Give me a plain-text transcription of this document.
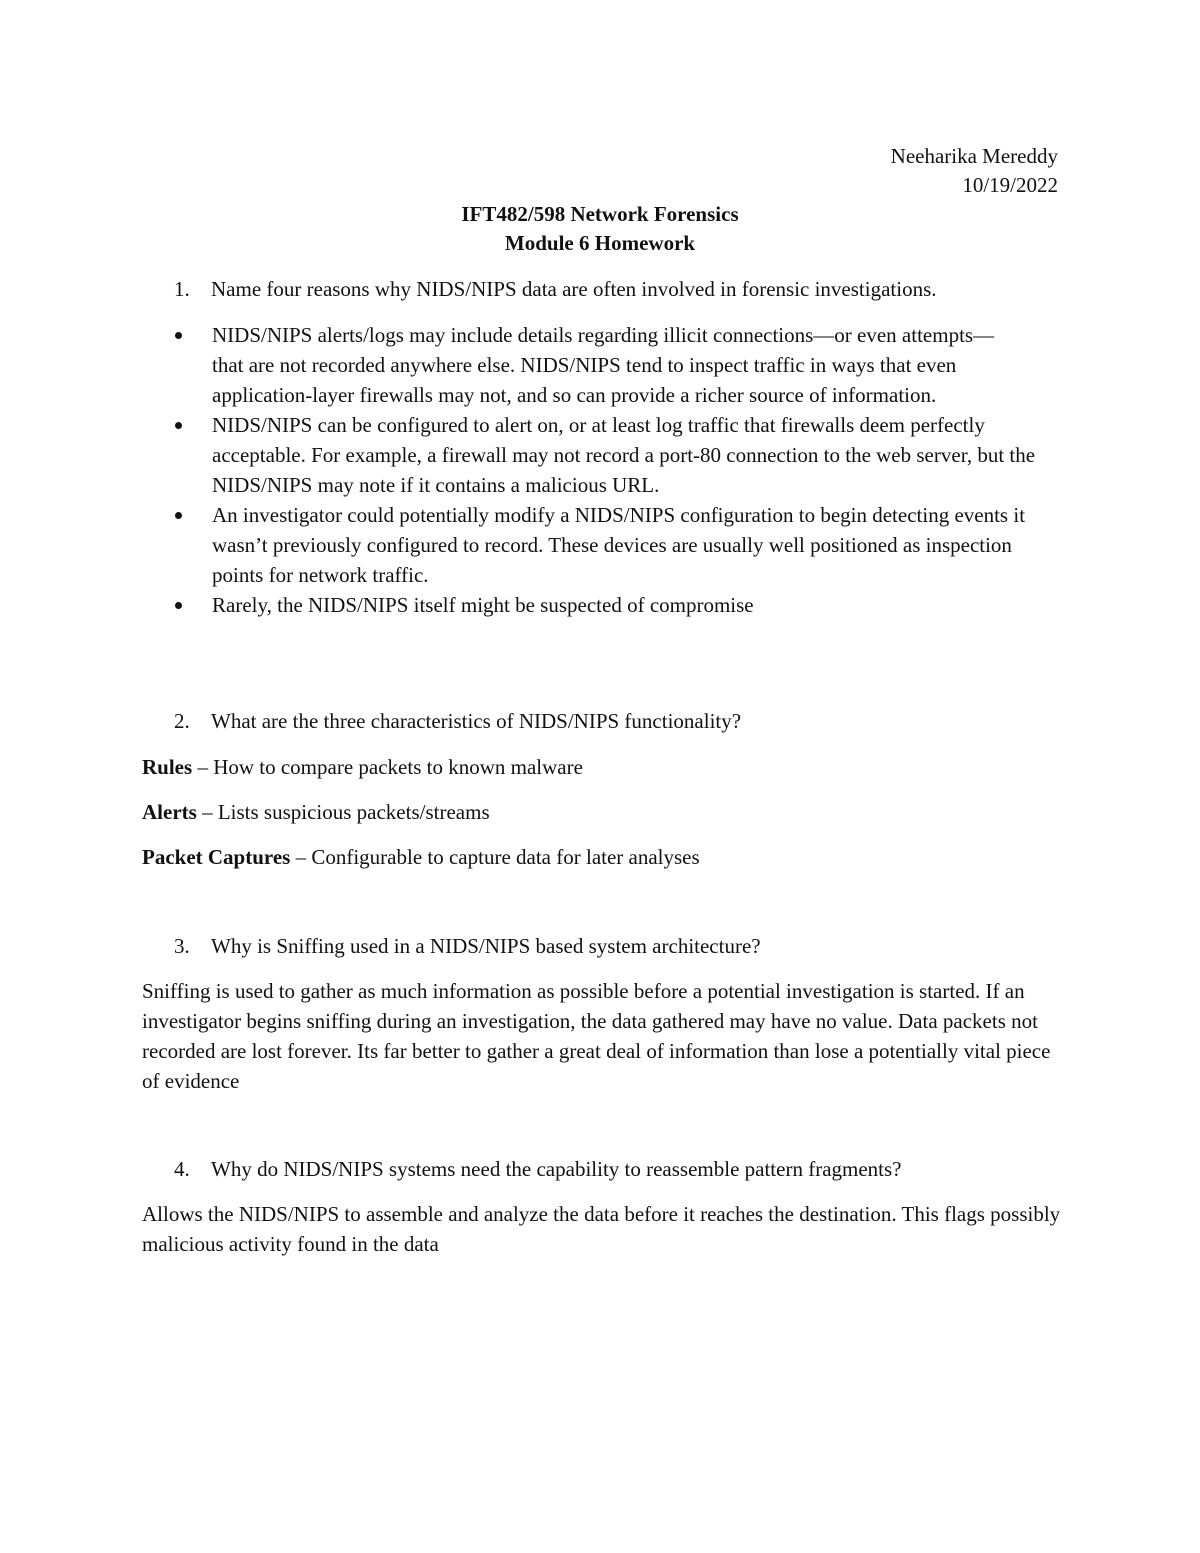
Neeharika Mereddy
10/19/2022
IFT482/598 Network Forensics
Module 6 Homework

1. Name four reasons why NIDS/NIPS data are often involved in forensic investigations.

NIDS/NIPS alerts/logs may include details regarding illicit connections—or even attempts—that are not recorded anywhere else. NIDS/NIPS tend to inspect traffic in ways that even application-layer firewalls may not, and so can provide a richer source of information.
NIDS/NIPS can be configured to alert on, or at least log traffic that firewalls deem perfectly acceptable. For example, a firewall may not record a port-80 connection to the web server, but the NIDS/NIPS may note if it contains a malicious URL.
An investigator could potentially modify a NIDS/NIPS configuration to begin detecting events it wasn’t previously configured to record. These devices are usually well positioned as inspection points for network traffic.
Rarely, the NIDS/NIPS itself might be suspected of compromise

2. What are the three characteristics of NIDS/NIPS functionality?

Rules – How to compare packets to known malware

Alerts – Lists suspicious packets/streams

Packet Captures – Configurable to capture data for later analyses

3. Why is Sniffing used in a NIDS/NIPS based system architecture?

Sniffing is used to gather as much information as possible before a potential investigation is started. If an investigator begins sniffing during an investigation, the data gathered may have no value. Data packets not recorded are lost forever. Its far better to gather a great deal of information than lose a potentially vital piece of evidence

4. Why do NIDS/NIPS systems need the capability to reassemble pattern fragments?

Allows the NIDS/NIPS to assemble and analyze the data before it reaches the destination. This flags possibly malicious activity found in the data
